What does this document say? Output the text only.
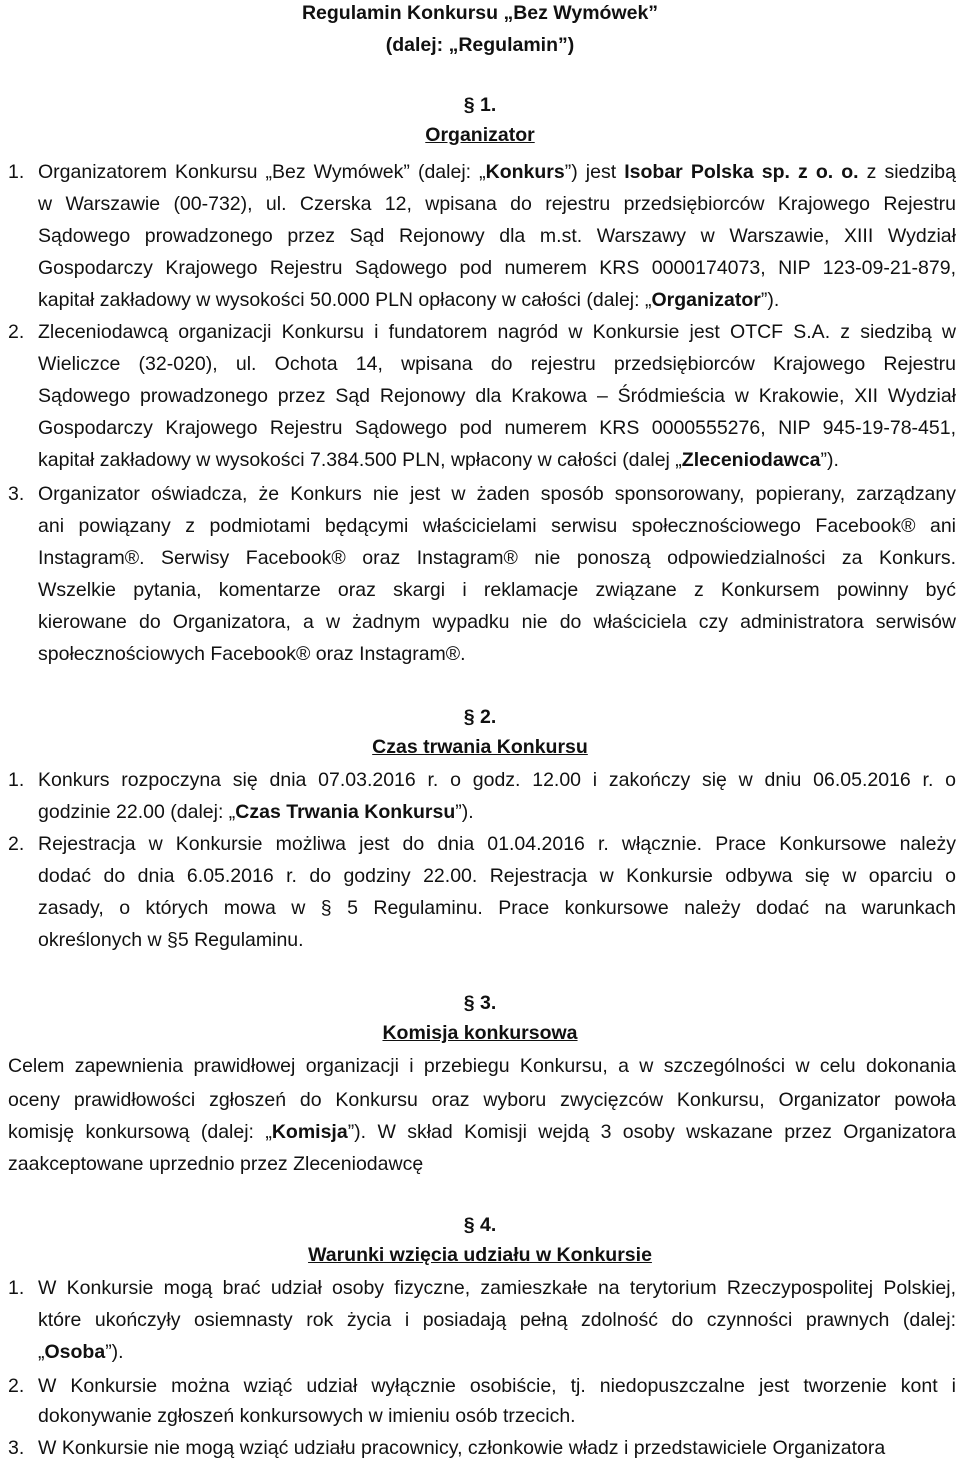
Regulamin Konkursu „Bez Wymówek”
(dalej: „Regulamin”)
§ 1.
Organizator
1. Organizatorem Konkursu „Bez Wymówek” (dalej: „Konkurs”) jest Isobar Polska sp. z o. o. z siedzibą
w Warszawie (00-732), ul. Czerska 12, wpisana do rejestru przedsiębiorców Krajowego Rejestru
Sądowego prowadzonego przez Sąd Rejonowy dla m.st. Warszawy w Warszawie, XIII Wydział
Gospodarczy Krajowego Rejestru Sądowego pod numerem KRS 0000174073, NIP 123-09-21-879,
kapitał zakładowy w wysokości 50.000 PLN opłacony w całości (dalej: „Organizator”).
2. Zleceniodawcą organizacji Konkursu i fundatorem nagród w Konkursie jest OTCF S.A. z siedzibą w
Wieliczce (32-020), ul. Ochota 14, wpisana do rejestru przedsiębiorców Krajowego Rejestru
Sądowego prowadzonego przez Sąd Rejonowy dla Krakowa – Śródmieścia w Krakowie, XII Wydział
Gospodarczy Krajowego Rejestru Sądowego pod numerem KRS 0000555276, NIP 945-19-78-451,
kapitał zakładowy w wysokości 7.384.500 PLN, wpłacony w całości (dalej „Zleceniodawca”).
3. Organizator oświadcza, że Konkurs nie jest w żaden sposób sponsorowany, popierany, zarządzany
ani powiązany z podmiotami będącymi właścicielami serwisu społecznościowego Facebook® ani
Instagram®. Serwisy Facebook® oraz Instagram® nie ponoszą odpowiedzialności za Konkurs.
Wszelkie pytania, komentarze oraz skargi i reklamacje związane z Konkursem powinny być
kierowane do Organizatora, a w żadnym wypadku nie do właściciela czy administratora serwisów
społecznościowych Facebook® oraz Instagram®.
§ 2.
Czas trwania Konkursu
1. Konkurs rozpoczyna się dnia 07.03.2016 r. o godz. 12.00 i zakończy się w dniu 06.05.2016 r. o
godzinie 22.00 (dalej: „Czas Trwania Konkursu”).
2. Rejestracja w Konkursie możliwa jest do dnia 01.04.2016 r. włącznie. Prace Konkursowe należy
dodać do dnia 6.05.2016 r. do godziny 22.00. Rejestracja w Konkursie odbywa się w oparciu o
zasady, o których mowa w § 5 Regulaminu. Prace konkursowe należy dodać na warunkach
określonych w §5 Regulaminu.
§ 3.
Komisja konkursowa
Celem zapewnienia prawidłowej organizacji i przebiegu Konkursu, a w szczególności w celu dokonania
oceny prawidłowości zgłoszeń do Konkursu oraz wyboru zwycięzców Konkursu, Organizator powoła
komisję konkursową (dalej: „Komisja”). W skład Komisji wejdą 3 osoby wskazane przez Organizatora
zaakceptowane uprzednio przez Zleceniodawcę
§ 4.
Warunki wzięcia udziału w Konkursie
1. W Konkursie mogą brać udział osoby fizyczne, zamieszkałe na terytorium Rzeczypospolitej Polskiej,
które ukończyły osiemnasty rok życia i posiadają pełną zdolność do czynności prawnych (dalej:
„Osoba”).
2. W Konkursie można wziąć udział wyłącznie osobiście, tj. niedopuszczalne jest tworzenie kont i
dokonywanie zgłoszeń konkursowych w imieniu osób trzecich.
3. W Konkursie nie mogą wziąć udziału pracownicy, członkowie władz i przedstawiciele Organizatora
